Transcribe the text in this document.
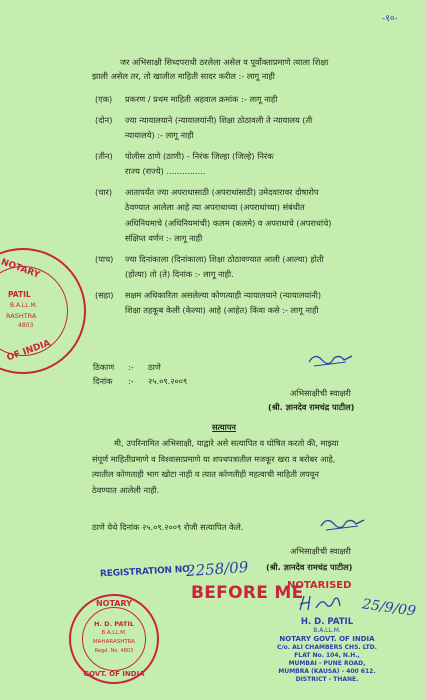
-१०-
जर अभिसाक्षी सिध्दपराधी ठरलेला असेल व पूर्वोक्ताप्रमाणे त्याला शिक्षा
झाली असेल तर, तो खालील माहिती सादर करील :- लागू नाही
(एक) प्रकरण / प्रथम माहिती अहवाल क्रमांक :- लागू नाही
(दोन) ज्या न्यायालयाने (न्यायालयांनी) शिक्षा ठोठावली ते न्यायालय (ती
न्यायालये) :- लागू नाही
(तीन) पोलीस ठाणे (ठाणी) - निरंक जिल्हा (जिल्हे) निरंक
राज्य (राज्ये) ...............
(चार) आतापर्यंत ज्या अपराधासाठी (अपराधांसाठी) उमेदवारावर दोषारोप
ठेवण्यात आलेला आहे त्या अपराधाच्या (अपराधांच्या) संबंधीत
अधिनियमाचे (अधिनियमांची) कलम (कलमे) व अपराधाचे (अपराधांचे)
संक्षिप्त वर्णन :- लागू नाही
(पाच) ज्या दिनांकाला (दिनांकाला) शिक्षा ठोठावण्यात आली (आल्या) होती
(होत्या) तो (ते) दिनांक :- लागू नाही.
(सहा) सक्षम अधिकारिता असलेल्या कोणत्याही न्यायालयाने (न्यायालयांनी)
शिक्षा तहकूब केली (केल्या) आहे (आहेत) किंवा कसे :- लागू नाही
NOTARY
PATIL
B.A.LL.M.
RASHTRA
4803
OF INDIA
ठिकाण :- ठाणे
दिनांक :- २५.०९.२००९
अभिसाक्षीची स्वाक्षरी
(श्री. ज्ञानदेव रामचंद्र पाटील)
सत्यापन
मी, उपरिनामित अभिसाक्षी, याद्वारे असे सत्यापित व घोषित करतो की, माझ्या
संपूर्ण माहितीप्रमाणे व विश्वासाप्रमाणे या शपथपत्रातील मजकूर खरा व बरोबर आहे,
त्यातील कोणताही भाग खोटा नाही व त्यात कोणतीही महत्वाची माहिती लपवून
ठेवण्यात आलेली नाही.
ठाणे येथे दिनांक २५.०९.२००९ रोजी सत्यापित केले.
अभिसाक्षीची स्वाक्षरी
(श्री. ज्ञानदेव रामचंद्र पाटील)
REGISTRATION NO.
2258/09
BEFORE ME
NOTARISED
25/9/09
NOTARY
H. D. PATIL
B.A.LL.M.
MAHARASHTRA
Regd. No. 4803
GOVT. OF INDIA
H. D. PATIL
B.A.LL.M.
NOTARY GOVT. OF INDIA
C/o. ALI CHAMBERS CHS. LTD.
FLAT No. 104, N.H.,
MUMBAI - PUNE ROAD,
MUMBRA (KAUSA) - 400 612.
DISTRICT - THANE.
